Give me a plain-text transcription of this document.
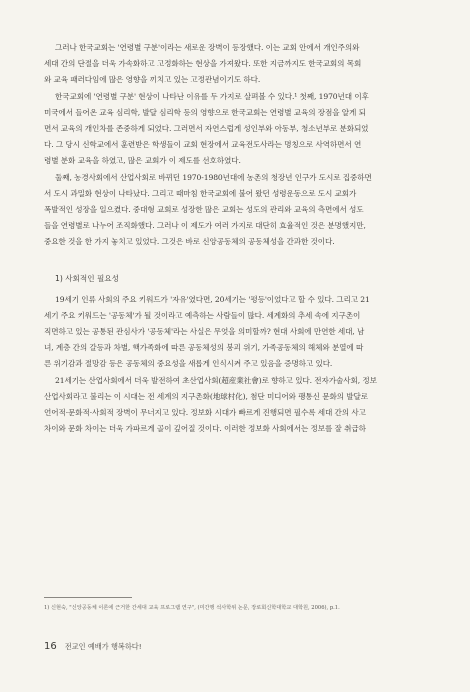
그러나 한국교회는 '연령별 구분'이라는 새로운 장벽이 등장했다. 이는 교회 안에서 개인주의와
세대 간의 단절을 더욱 가속화하고 고정화하는 현상을 가져왔다. 또한 지금까지도 한국교회의 목회
와 교육 패러다임에 많은 영향을 끼치고 있는 고정관념이기도 하다.
한국교회에 '연령별 구분' 현상이 나타난 이유를 두 가지로 살펴볼 수 있다.¹ 첫째, 1970년대 이후
미국에서 들어온 교육 심리학, 발달 심리학 등의 영향으로 한국교회는 연령별 교육의 장점을 알게 되
면서 교육의 개인차를 존중하게 되었다. 그러면서 자연스럽게 성인부와 아동부, 청소년부로 분화되었
다. 그 당시 신학교에서 훈련받은 학생들이 교회 현장에서 교육전도사라는 명칭으로 사역하면서 연
령별 분화 교육을 하였고, 많은 교회가 이 제도를 선호하였다.
둘째, 농경사회에서 산업사회로 바뀌던 1970-1980년대에 농촌의 청장년 인구가 도시로 집중하면
서 도시 과밀화 현상이 나타났다. 그리고 때마침 한국교회에 불어 왔던 성령운동으로 도시 교회가
폭발적인 성장을 일으켰다. 중대형 교회로 성장한 많은 교회는 성도의 관리와 교육의 측면에서 성도
들을 연령별로 나누어 조직화했다. 그러나 이 제도가 여러 가지로 대단히 효율적인 것은 분명했지만,
중요한 것을 한 가지 놓치고 있었다. 그것은 바로 신앙공동체의 공동체성을 간과한 것이다.
1) 사회적인 필요성
19세기 인류 사회의 주요 키워드가 '자유'였다면, 20세기는 '평등'이었다고 할 수 있다. 그리고 21
세기 주요 키워드는 '공동체'가 될 것이라고 예측하는 사람들이 많다. 세계화의 추세 속에 지구촌이
직면하고 있는 공통된 관심사가 '공동체'라는 사실은 무엇을 의미할까? 현대 사회에 만연한 세대, 남
녀, 계층 간의 갈등과 차별, 핵가족화에 따른 공동체성의 붕괴 위기, 가족공동체의 해체와 분열에 따
른 위기감과 절망감 등은 공동체의 중요성을 새롭게 인식시켜 주고 있음을 증명하고 있다.
21세기는 산업사회에서 더욱 발전하여 초산업사회(超産業社會)로 향하고 있다. 전자가술사회, 정보
산업사회라고 불리는 이 시대는 전 세계의 지구촌화(地球村化), 첨단 미디어와 팽통신 문화의 발달로
언어적·문화적·사회적 장벽이 무너지고 있다. 정보화 시대가 빠르게 진행되면 필수록 세대 간의 사고
차이와 문화 차이는 더욱 가파르게 골이 깊어질 것이다. 이러한 정보화 사회에서는 정보를 잘 취급하
1) 신현숙, "신앙공동체 이론에 근거한 간세대 교육 프로그램 연구", (미간행 석사학위 논문, 장로회신학대학교 대학원, 2006), p.1.
16 전교인 예배가 행복하다!
